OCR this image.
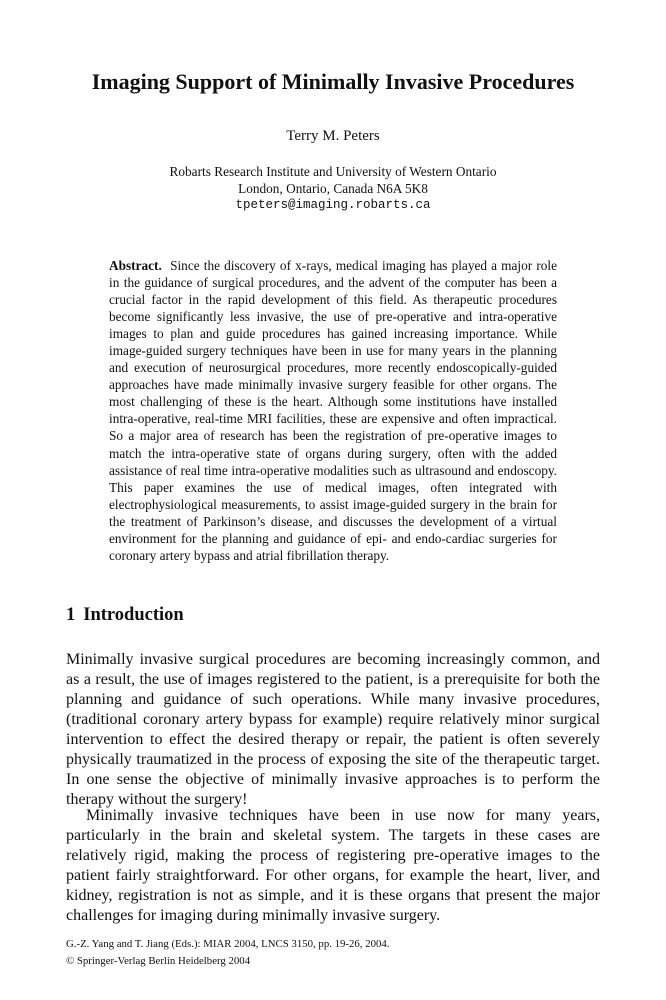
Imaging Support of Minimally Invasive Procedures
Terry M. Peters
Robarts Research Institute and University of Western Ontario
London, Ontario, Canada N6A 5K8
tpeters@imaging.robarts.ca

Abstract. Since the discovery of x-rays, medical imaging has played a major role in the guidance of surgical procedures, and the advent of the computer has been a crucial factor in the rapid development of this field. As therapeutic procedures become significantly less invasive, the use of pre-operative and intra-operative images to plan and guide procedures has gained increasing importance. While image-guided surgery techniques have been in use for many years in the planning and execution of neurosurgical procedures, more recently endoscopically-guided approaches have made minimally invasive surgery feasible for other organs. The most challenging of these is the heart. Although some institutions have installed intra-operative, real-time MRI facilities, these are expensive and often impractical. So a major area of research has been the registration of pre-operative images to match the intra-operative state of organs during surgery, often with the added assistance of real time intra-operative modalities such as ultrasound and endoscopy. This paper examines the use of medical images, often integrated with electrophysiological measurements, to assist image-guided surgery in the brain for the treatment of Parkinson’s disease, and discusses the development of a virtual environment for the planning and guidance of epi- and endo-cardiac surgeries for coronary artery bypass and atrial fibrillation therapy.

1 Introduction

Minimally invasive surgical procedures are becoming increasingly common, and as a result, the use of images registered to the patient, is a prerequisite for both the planning and guidance of such operations. While many invasive procedures, (traditional coronary artery bypass for example) require relatively minor surgical intervention to effect the desired therapy or repair, the patient is often severely physically traumatized in the process of exposing the site of the therapeutic target. In one sense the objective of minimally invasive approaches is to perform the therapy without the surgery!

Minimally invasive techniques have been in use now for many years, particularly in the brain and skeletal system. The targets in these cases are relatively rigid, making the process of registering pre-operative images to the patient fairly straightforward. For other organs, for example the heart, liver, and kidney, registration is not as simple, and it is these organs that present the major challenges for imaging during minimally invasive surgery.

G.-Z. Yang and T. Jiang (Eds.): MIAR 2004, LNCS 3150, pp. 19-26, 2004.
© Springer-Verlag Berlin Heidelberg 2004
